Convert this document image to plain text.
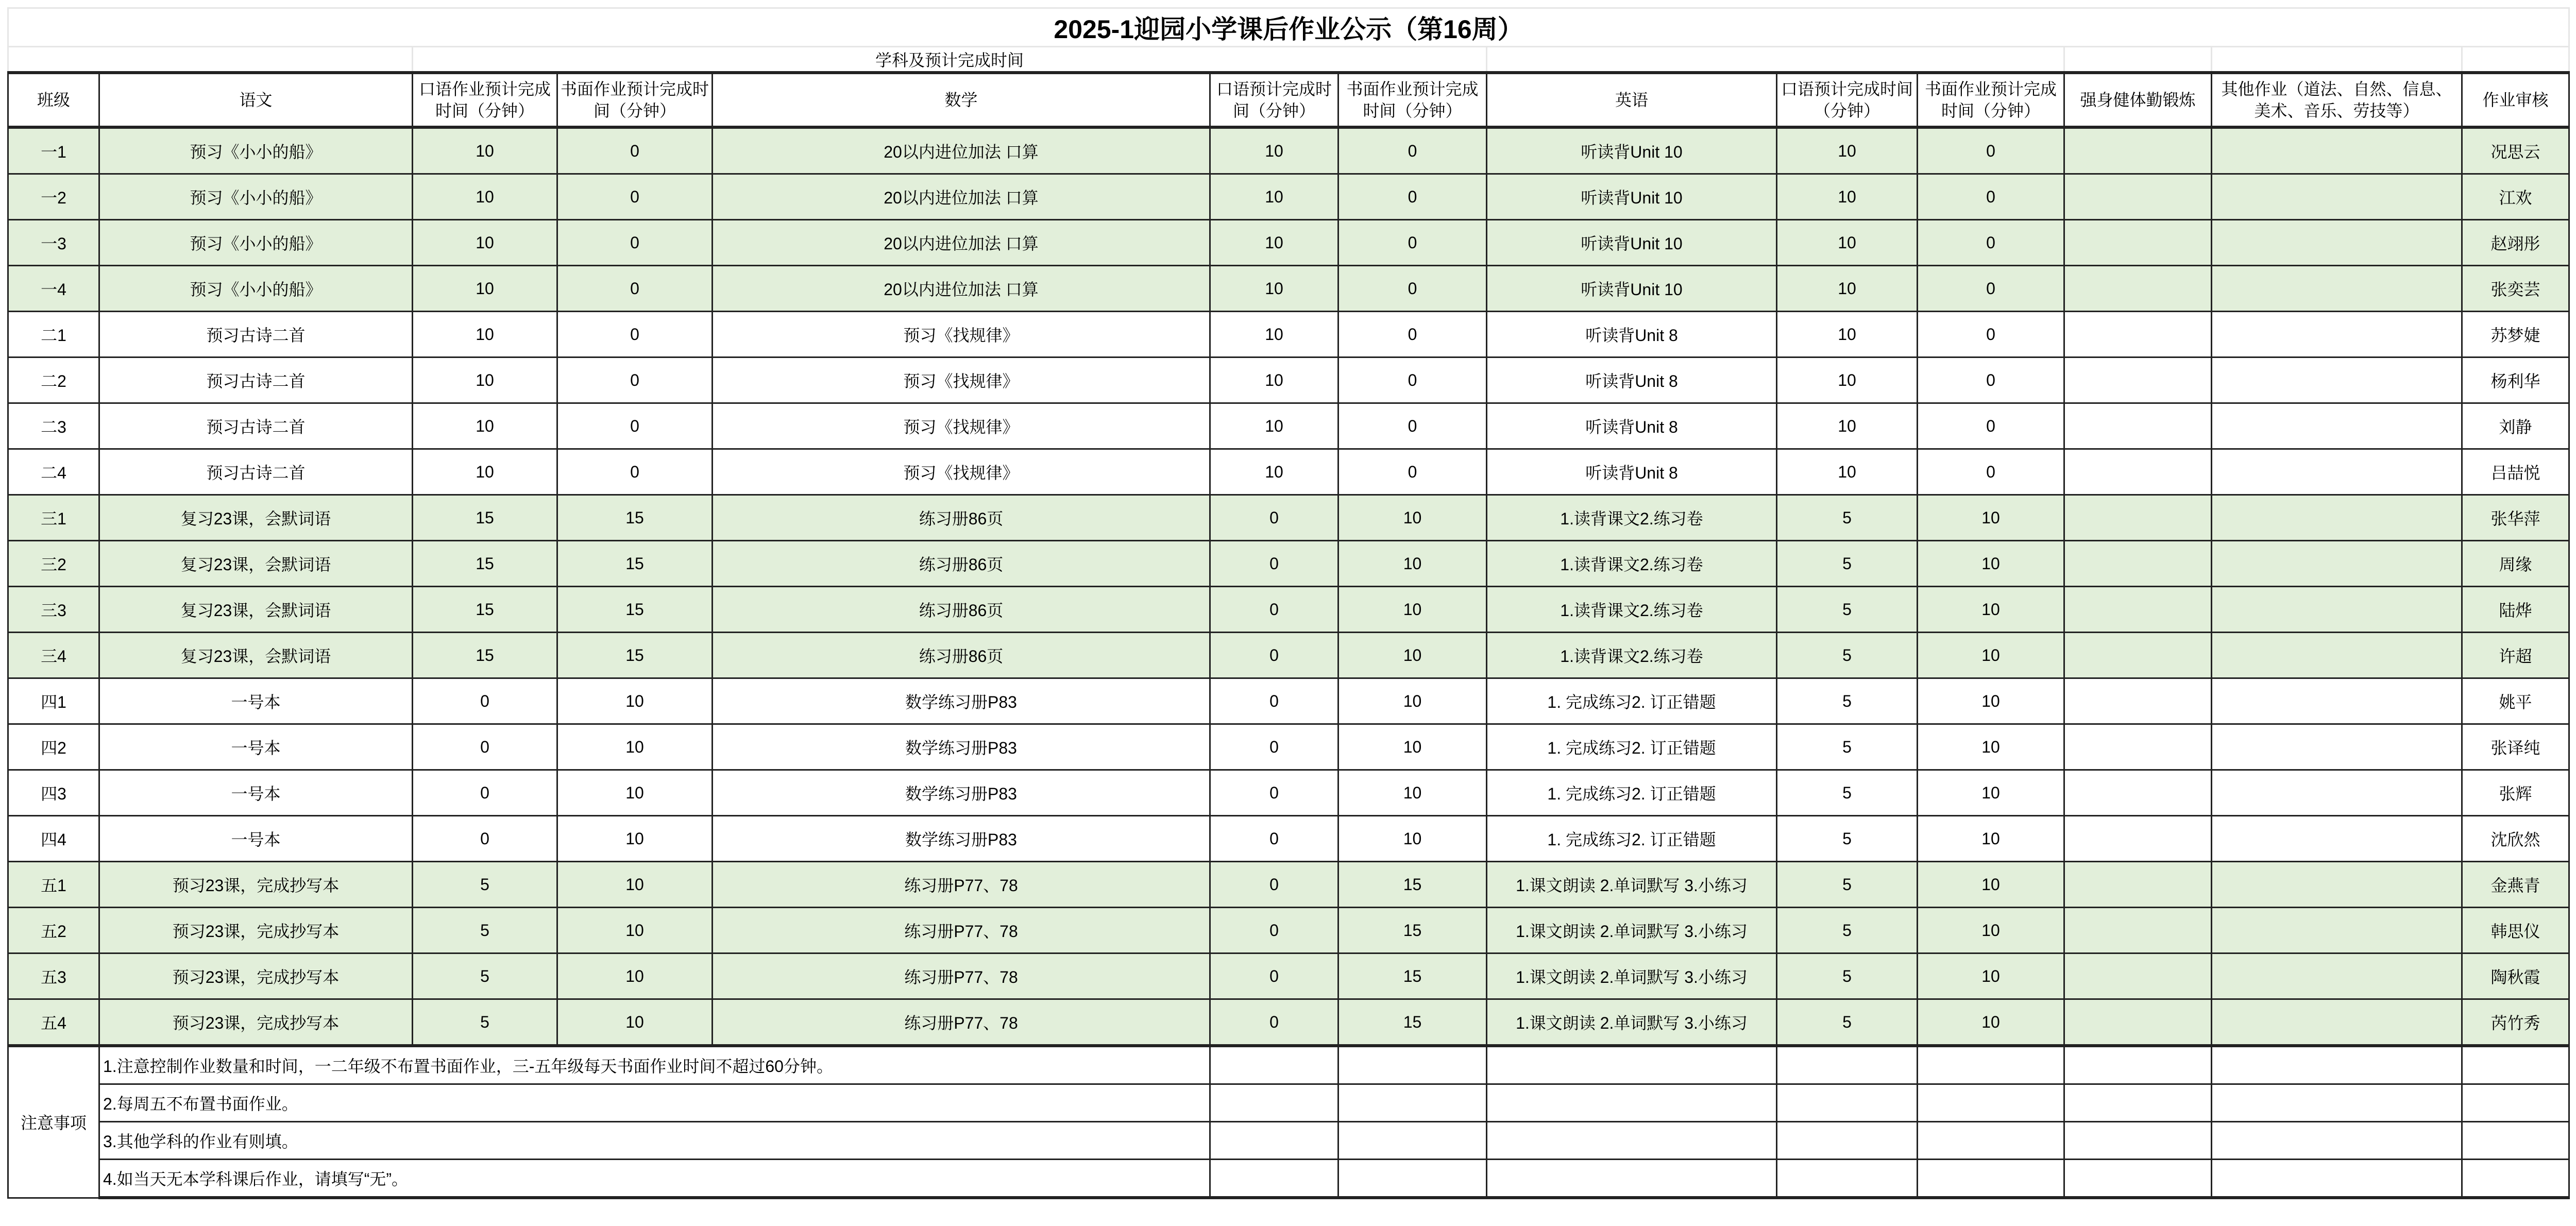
2025-1迎园小学课后作业公示（第16周）												
		学科及预计完成时间										
班级	语文	口语作业预计完成时间（分钟）	书面作业预计完成时间（分钟）	数学	口语预计完成时间（分钟）	书面作业预计完成时间（分钟）	英语	口语预计完成时间（分钟）	书面作业预计完成时间（分钟）	强身健体勤锻炼	其他作业（道法、自然、信息、美术、音乐、劳技等）	作业审核
一1	预习《小小的船》	10	0	20以内进位加法 口算	10	0	听读背Unit 10	10	0			况思云
一2	预习《小小的船》	10	0	20以内进位加法 口算	10	0	听读背Unit 10	10	0			江欢
一3	预习《小小的船》	10	0	20以内进位加法 口算	10	0	听读背Unit 10	10	0			赵翊彤
一4	预习《小小的船》	10	0	20以内进位加法 口算	10	0	听读背Unit 10	10	0			张奕芸
二1	预习古诗二首	10	0	预习《找规律》	10	0	听读背Unit 8	10	0			苏梦婕
二2	预习古诗二首	10	0	预习《找规律》	10	0	听读背Unit 8	10	0			杨利华
二3	预习古诗二首	10	0	预习《找规律》	10	0	听读背Unit 8	10	0			刘静
二4	预习古诗二首	10	0	预习《找规律》	10	0	听读背Unit 8	10	0			吕喆悦
三1	复习23课，会默词语	15	15	练习册86页	0	10	1.读背课文2.练习卷	5	10			张华萍
三2	复习23课，会默词语	15	15	练习册86页	0	10	1.读背课文2.练习卷	5	10			周缘
三3	复习23课，会默词语	15	15	练习册86页	0	10	1.读背课文2.练习卷	5	10			陆烨
三4	复习23课，会默词语	15	15	练习册86页	0	10	1.读背课文2.练习卷	5	10			许超
四1	一号本	0	10	数学练习册P83	0	10	1. 完成练习2. 订正错题	5	10			姚平
四2	一号本	0	10	数学练习册P83	0	10	1. 完成练习2. 订正错题	5	10			张译纯
四3	一号本	0	10	数学练习册P83	0	10	1. 完成练习2. 订正错题	5	10			张辉
四4	一号本	0	10	数学练习册P83	0	10	1. 完成练习2. 订正错题	5	10			沈欣然
五1	预习23课，完成抄写本	5	10	练习册P77、78	0	15	1.课文朗读 2.单词默写 3.小练习	5	10			金燕青
五2	预习23课，完成抄写本	5	10	练习册P77、78	0	15	1.课文朗读 2.单词默写 3.小练习	5	10			韩思仪
五3	预习23课，完成抄写本	5	10	练习册P77、78	0	15	1.课文朗读 2.单词默写 3.小练习	5	10			陶秋霞
五4	预习23课，完成抄写本	5	10	练习册P77、78	0	15	1.课文朗读 2.单词默写 3.小练习	5	10			芮竹秀
注意事项	1.注意控制作业数量和时间，一二年级不布置书面作业，三-五年级每天书面作业时间不超过60分钟。											
	2.每周五不布置书面作业。											
	3.其他学科的作业有则填。											
	4.如当天无本学科课后作业，请填写“无”。											
